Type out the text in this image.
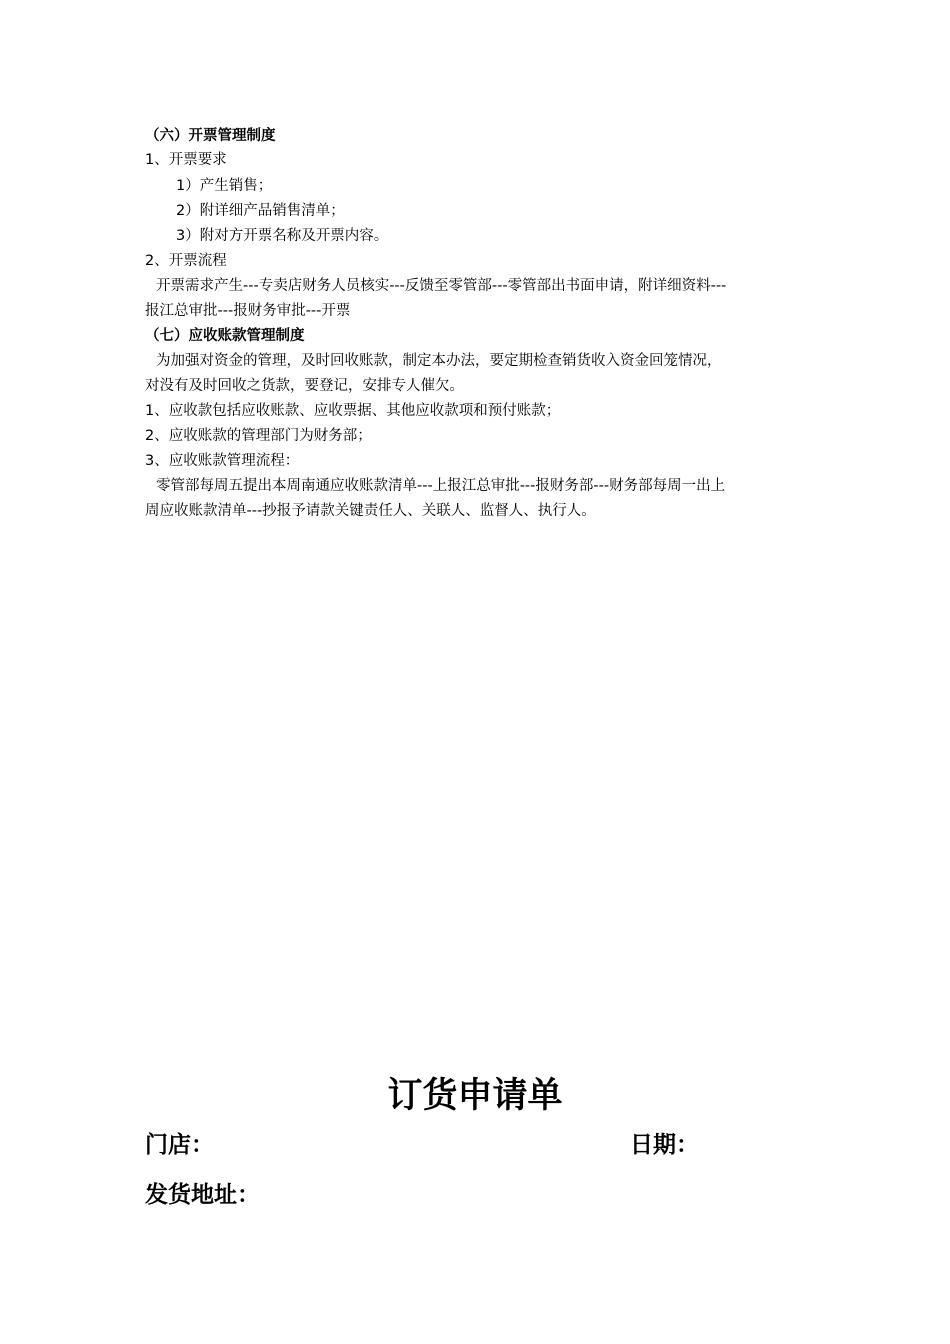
（六）开票管理制度
1、开票要求
1）产生销售；
2）附详细产品销售清单；
3）附对方开票名称及开票内容。
2、开票流程
开票需求产生---专卖店财务人员核实---反馈至零管部---零管部出书面申请，附详细资料---
报江总审批---报财务审批---开票
（七）应收账款管理制度
为加强对资金的管理，及时回收账款，制定本办法，要定期检查销货收入资金回笼情况，
对没有及时回收之货款，要登记，安排专人催欠。
1、应收款包括应收账款、应收票据、其他应收款项和预付账款；
2、应收账款的管理部门为财务部；
3、应收账款管理流程：
零管部每周五提出本周南通应收账款清单---上报江总审批---报财务部---财务部每周一出上
周应收账款清单---抄报予请款关键责任人、关联人、监督人、执行人。
订货申请单
门店：	日期：
发货地址：
